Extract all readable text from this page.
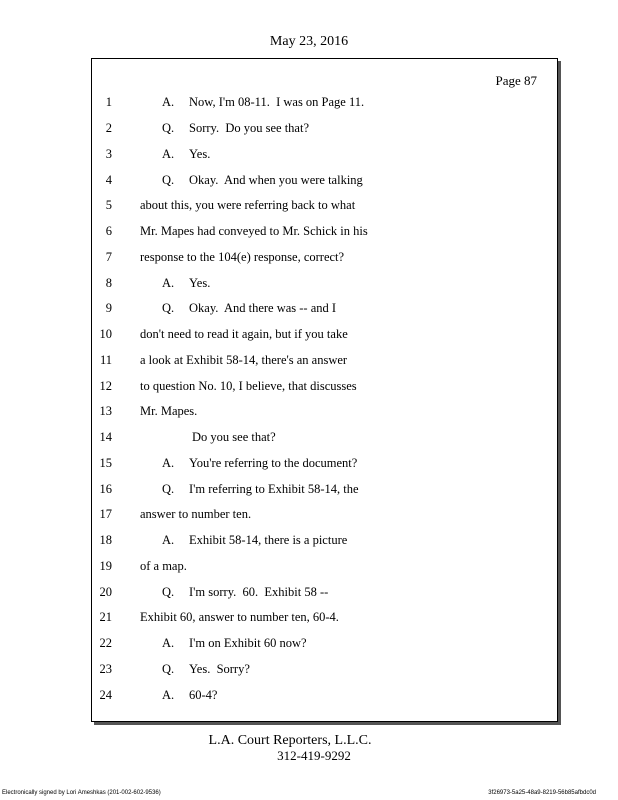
May 23, 2016
Page 87
1	A. Now, I'm 08-11.  I was on Page 11.
2	Q. Sorry.  Do you see that?
3	A. Yes.
4	Q. Okay.  And when you were talking
5 about this, you were referring back to what
6 Mr. Mapes had conveyed to Mr. Schick in his
7 response to the 104(e) response, correct?
8	A. Yes.
9	Q. Okay.  And there was -- and I
10 don't need to read it again, but if you take
11 a look at Exhibit 58-14, there's an answer
12 to question No. 10, I believe, that discusses
13 Mr. Mapes.
14	Do you see that?
15	A. You're referring to the document?
16	Q. I'm referring to Exhibit 58-14, the
17 answer to number ten.
18	A. Exhibit 58-14, there is a picture
19 of a map.
20	Q. I'm sorry.  60.  Exhibit 58 --
21 Exhibit 60, answer to number ten, 60-4.
22	A. I'm on Exhibit 60 now?
23	Q. Yes.  Sorry?
24	A. 60-4?
L.A. Court Reporters, L.L.C.
312-419-9292
Electronically signed by Lori Ameshkas (201-002-602-9536)	3f26973-5a25-48a9-8219-56b85afbdc0d
